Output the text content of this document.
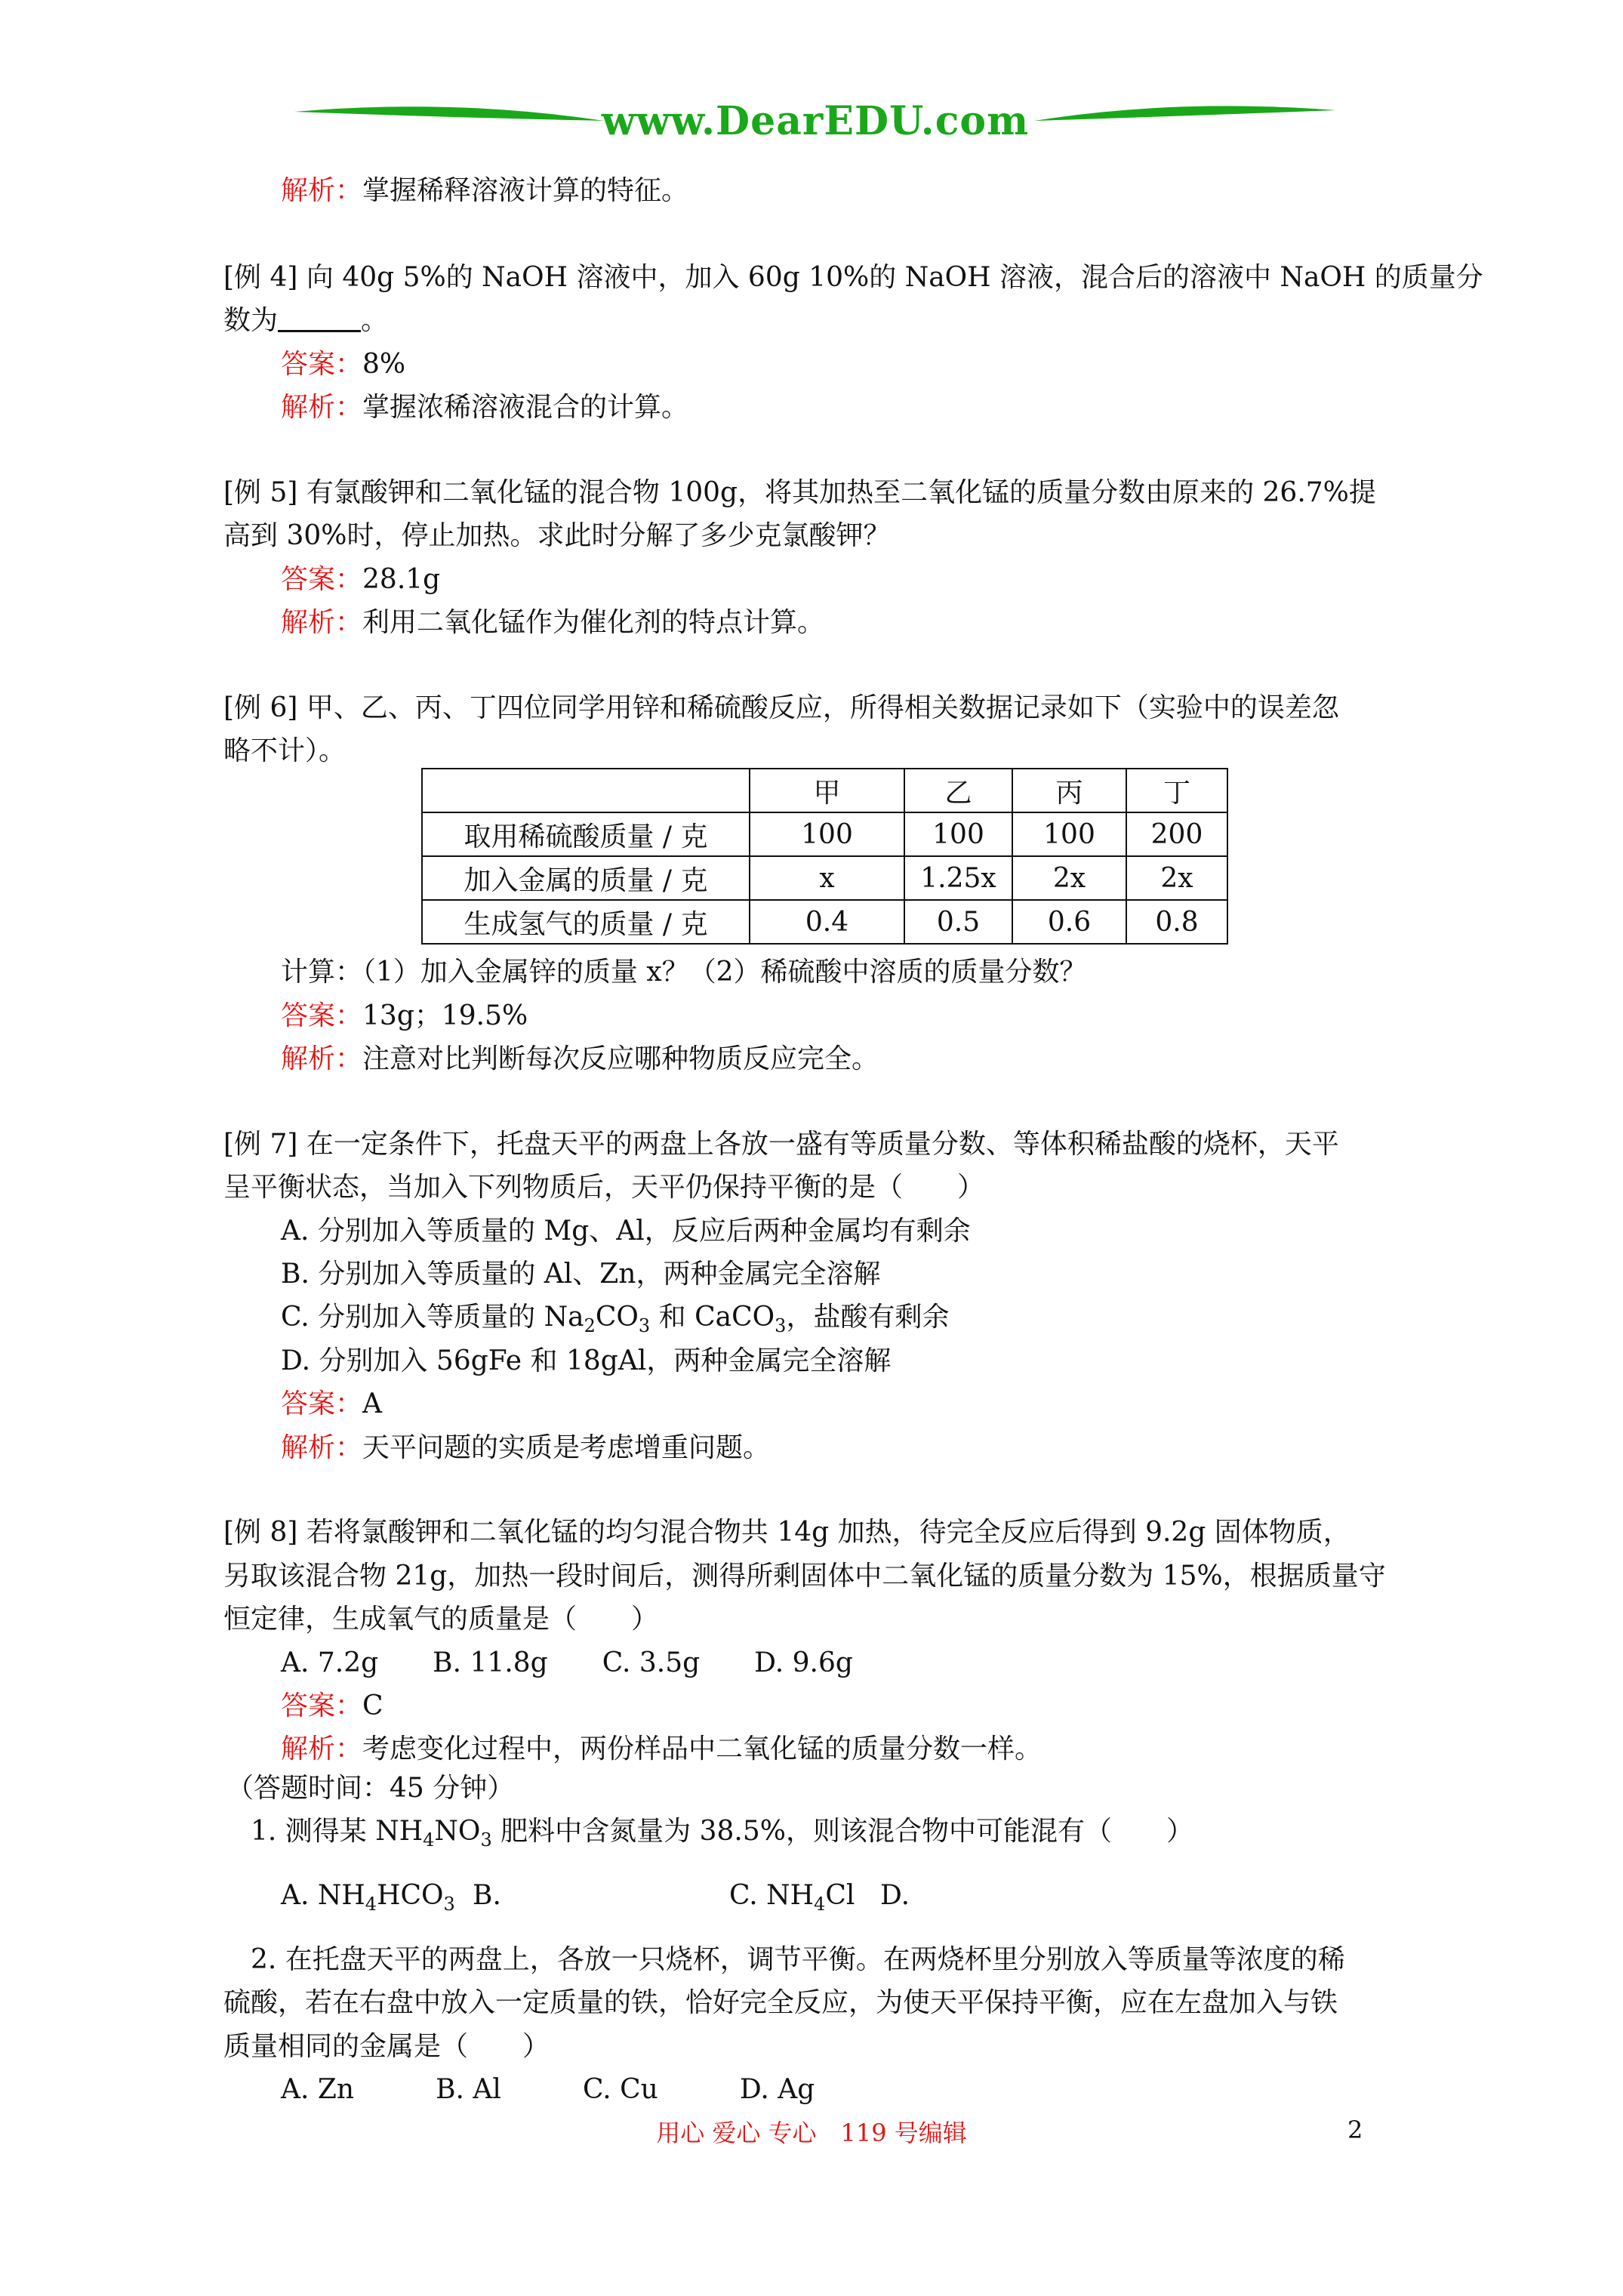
www.DearEDU.com
解析：掌握稀释溶液计算的特征。
[例 4] 向 40g 5%的 NaOH 溶液中，加入 60g 10%的 NaOH 溶液，混合后的溶液中 NaOH 的质量分
数为	。
答案：8%
解析：掌握浓稀溶液混合的计算。
[例 5] 有氯酸钾和二氧化锰的混合物 100g，将其加热至二氧化锰的质量分数由原来的 26.7%提
高到 30%时，停止加热。求此时分解了多少克氯酸钾？
答案：28.1g
解析：利用二氧化锰作为催化剂的特点计算。
[例 6] 甲、乙、丙、丁四位同学用锌和稀硫酸反应，所得相关数据记录如下（实验中的误差忽
略不计）。
	甲	乙	丙	丁
取用稀硫酸质量 / 克	100	100	100	200
加入金属的质量 / 克	x	1.25x	2x	2x
生成氢气的质量 / 克	0.4	0.5	0.6	0.8
计算：（1）加入金属锌的质量 x？（2）稀硫酸中溶质的质量分数？
答案：13g；19.5%
解析：注意对比判断每次反应哪种物质反应完全。
[例 7] 在一定条件下，托盘天平的两盘上各放一盛有等质量分数、等体积稀盐酸的烧杯，天平
呈平衡状态，当加入下列物质后，天平仍保持平衡的是（　　）
A. 分别加入等质量的 Mg、Al，反应后两种金属均有剩余
B. 分别加入等质量的 Al、Zn，两种金属完全溶解
C. 分别加入等质量的 $Na_2CO_3$ 和 CaCO$_3$，盐酸有剩余
D. 分别加入 56gFe 和 18gAl，两种金属完全溶解
答案：A
解析：天平问题的实质是考虑增重问题。
[例 8] 若将氯酸钾和二氧化锰的均匀混合物共 14g 加热，待完全反应后得到 9.2g 固体物质，
另取该混合物 21g，加热一段时间后，测得所剩固体中二氧化锰的质量分数为 15%，根据质量守
恒定律，生成氧气的质量是（　　）
A. 7.2g　　B. 11.8g　　C. 3.5g　　D. 9.6g
答案：C
解析：考虑变化过程中，两份样品中二氧化锰的质量分数一样。
（答题时间：45 分钟）
1. 测得某 $NH_4NO_3$ 肥料中含氮量为 38.5%，则该混合物中可能混有（　　）
A. $NH_4HCO_3$ B.	C. $NH_4Cl$ D.
2. 在托盘天平的两盘上，各放一只烧杯，调节平衡。在两烧杯里分别放入等质量等浓度的稀
硫酸，若在右盘中放入一定质量的铁，恰好完全反应，为使天平保持平衡，应在左盘加入与铁
质量相同的金属是（　　）
A. Zn　　　B. Al　　　C. Cu　　　D. Ag
用心 爱心 专心　119 号编辑	2
